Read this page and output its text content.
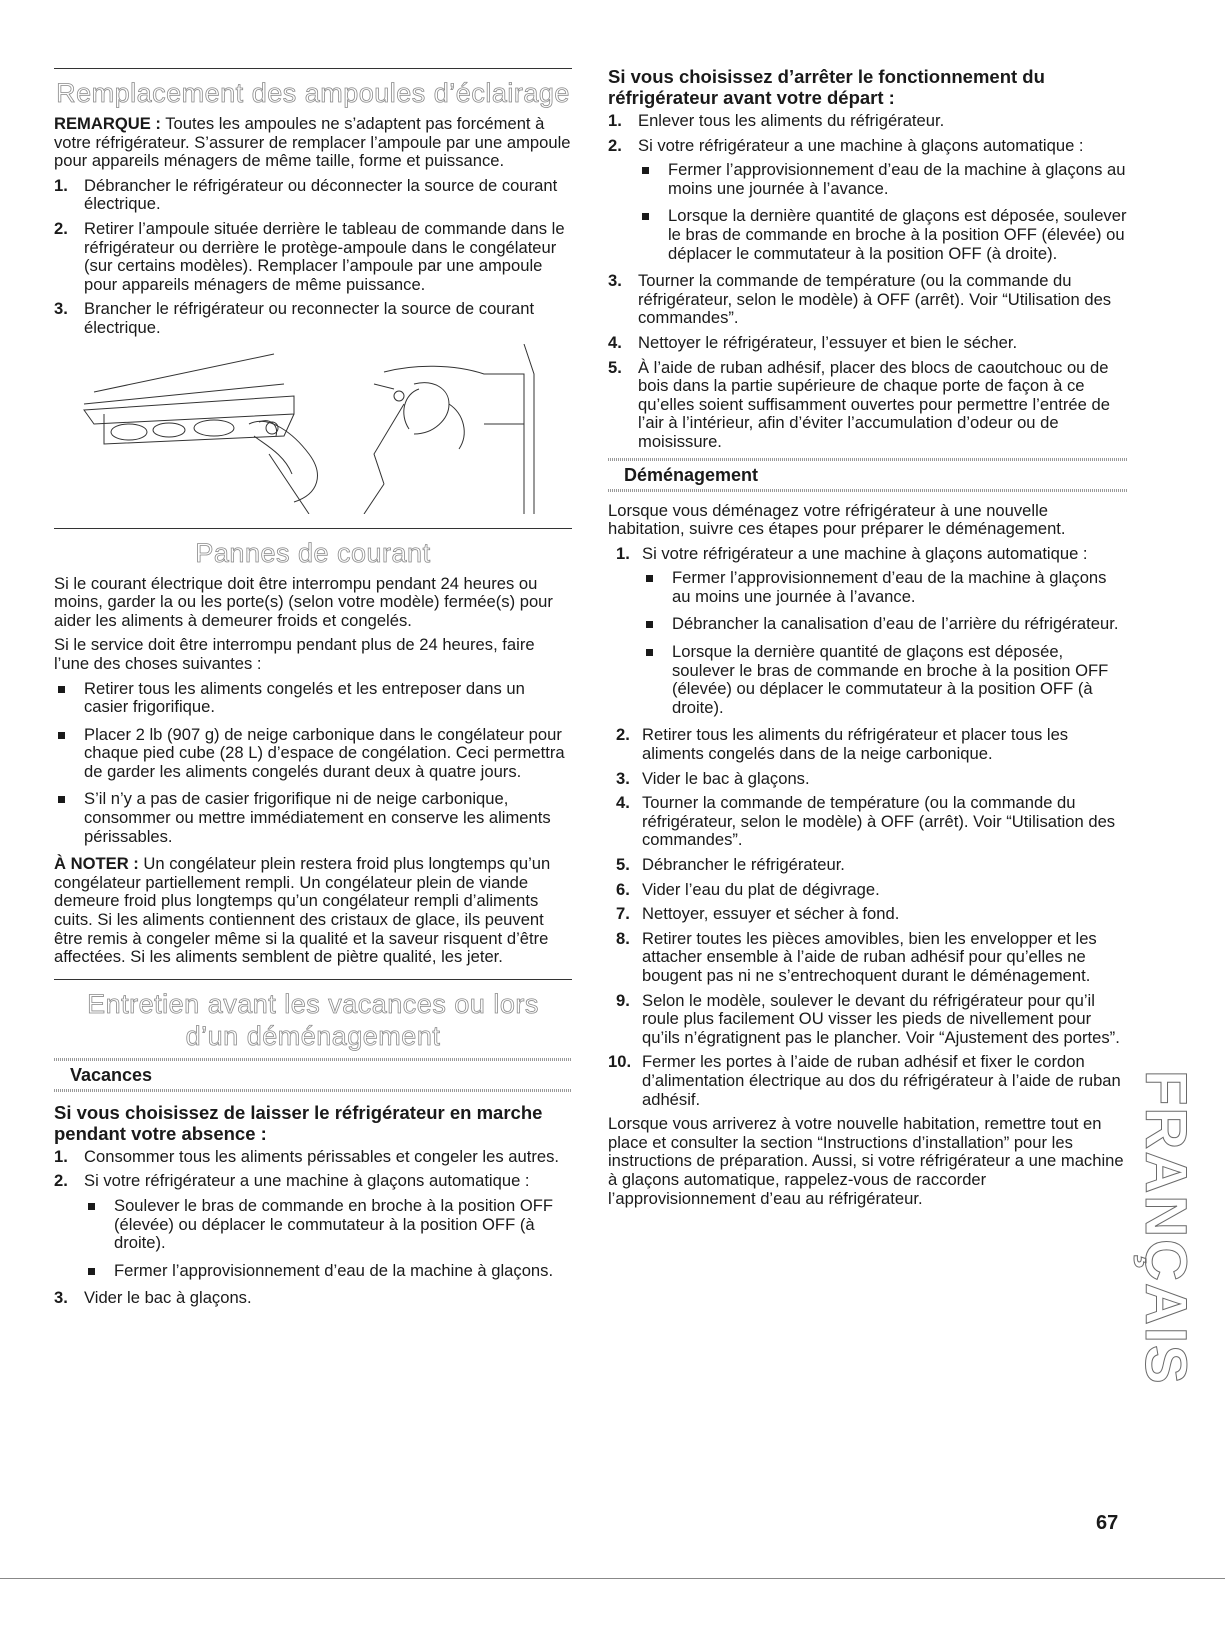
Remplacement des ampoules d’éclairage

REMARQUE : Toutes les ampoules ne s’adaptent pas forcément à votre réfrigérateur. S’assurer de remplacer l’ampoule par une ampoule pour appareils ménagers de même taille, forme et puissance.

1. Débrancher le réfrigérateur ou déconnecter la source de courant électrique.
2. Retirer l’ampoule située derrière le tableau de commande dans le réfrigérateur ou derrière le protège-ampoule dans le congélateur (sur certains modèles). Remplacer l’ampoule par une ampoule pour appareils ménagers de même puissance.
3. Brancher le réfrigérateur ou reconnecter la source de courant électrique.
Pannes de courant

Si le courant électrique doit être interrompu pendant 24 heures ou moins, garder la ou les porte(s) (selon votre modèle) fermée(s) pour aider les aliments à demeurer froids et congelés.

Si le service doit être interrompu pendant plus de 24 heures, faire l’une des choses suivantes :

Retirer tous les aliments congelés et les entreposer dans un casier frigorifique.
Placer 2 lb (907 g) de neige carbonique dans le congélateur pour chaque pied cube (28 L) d’espace de congélation. Ceci permettra de garder les aliments congelés durant deux à quatre jours.
S’il n’y a pas de casier frigorifique ni de neige carbonique, consommer ou mettre immédiatement en conserve les aliments périssables.

À NOTER : Un congélateur plein restera froid plus longtemps qu’un congélateur partiellement rempli. Un congélateur plein de viande demeure froid plus longtemps qu’un congélateur rempli d’aliments cuits. Si les aliments contiennent des cristaux de glace, ils peuvent être remis à congeler même si la qualité et la saveur risquent d’être affectées. Si les aliments semblent de piètre qualité, les jeter.

Entretien avant les vacances ou lors
d’un déménagement
Vacances
Si vous choisissez de laisser le réfrigérateur en marche pendant votre absence :
1. Consommer tous les aliments périssables et congeler les autres.
2. Si votre réfrigérateur a une machine à glaçons automatique :
Soulever le bras de commande en broche à la position OFF (élevée) ou déplacer le commutateur à la position OFF (à droite).
Fermer l’approvisionnement d’eau de la machine à glaçons.
3. Vider le bac à glaçons.
Si vous choisissez d’arrêter le fonctionnement du réfrigérateur avant votre départ :
1. Enlever tous les aliments du réfrigérateur.
2. Si votre réfrigérateur a une machine à glaçons automatique :
Fermer l’approvisionnement d’eau de la machine à glaçons au moins une journée à l’avance.
Lorsque la dernière quantité de glaçons est déposée, soulever le bras de commande en broche à la position OFF (élevée) ou déplacer le commutateur à la position OFF (à droite).
3. Tourner la commande de température (ou la commande du réfrigérateur, selon le modèle) à OFF (arrêt). Voir “Utilisation des commandes”.
4. Nettoyer le réfrigérateur, l’essuyer et bien le sécher.
5. À l’aide de ruban adhésif, placer des blocs de caoutchouc ou de bois dans la partie supérieure de chaque porte de façon à ce qu’elles soient suffisamment ouvertes pour permettre l’entrée de l’air à l’intérieur, afin d’éviter l’accumulation d’odeur ou de moisissure.
Déménagement

Lorsque vous déménagez votre réfrigérateur à une nouvelle habitation, suivre ces étapes pour préparer le déménagement.

1. Si votre réfrigérateur a une machine à glaçons automatique :
Fermer l’approvisionnement d’eau de la machine à glaçons au moins une journée à l’avance.
Débrancher la canalisation d’eau de l’arrière du réfrigérateur.
Lorsque la dernière quantité de glaçons est déposée, soulever le bras de commande en broche à la position OFF (élevée) ou déplacer le commutateur à la position OFF (à droite).
2. Retirer tous les aliments du réfrigérateur et placer tous les aliments congelés dans de la neige carbonique.
3. Vider le bac à glaçons.
4. Tourner la commande de température (ou la commande du réfrigérateur, selon le modèle) à OFF (arrêt). Voir “Utilisation des commandes”.
5. Débrancher le réfrigérateur.
6. Vider l’eau du plat de dégivrage.
7. Nettoyer, essuyer et sécher à fond.
8. Retirer toutes les pièces amovibles, bien les envelopper et les attacher ensemble à l’aide de ruban adhésif pour qu’elles ne bougent pas ni ne s’entrechoquent durant le déménagement.
9. Selon le modèle, soulever le devant du réfrigérateur pour qu’il roule plus facilement OU visser les pieds de nivellement pour qu’ils n’égratignent pas le plancher. Voir “Ajustement des portes”.
10. Fermer les portes à l’aide de ruban adhésif et fixer le cordon d’alimentation électrique au dos du réfrigérateur à l’aide de ruban adhésif.

Lorsque vous arriverez à votre nouvelle habitation, remettre tout en place et consulter la section “Instructions d’installation” pour les instructions de préparation. Aussi, si votre réfrigérateur a une machine à glaçons automatique, rappelez-vous de raccorder l’approvisionnement d’eau au réfrigérateur.	FRANÇAIS
67
